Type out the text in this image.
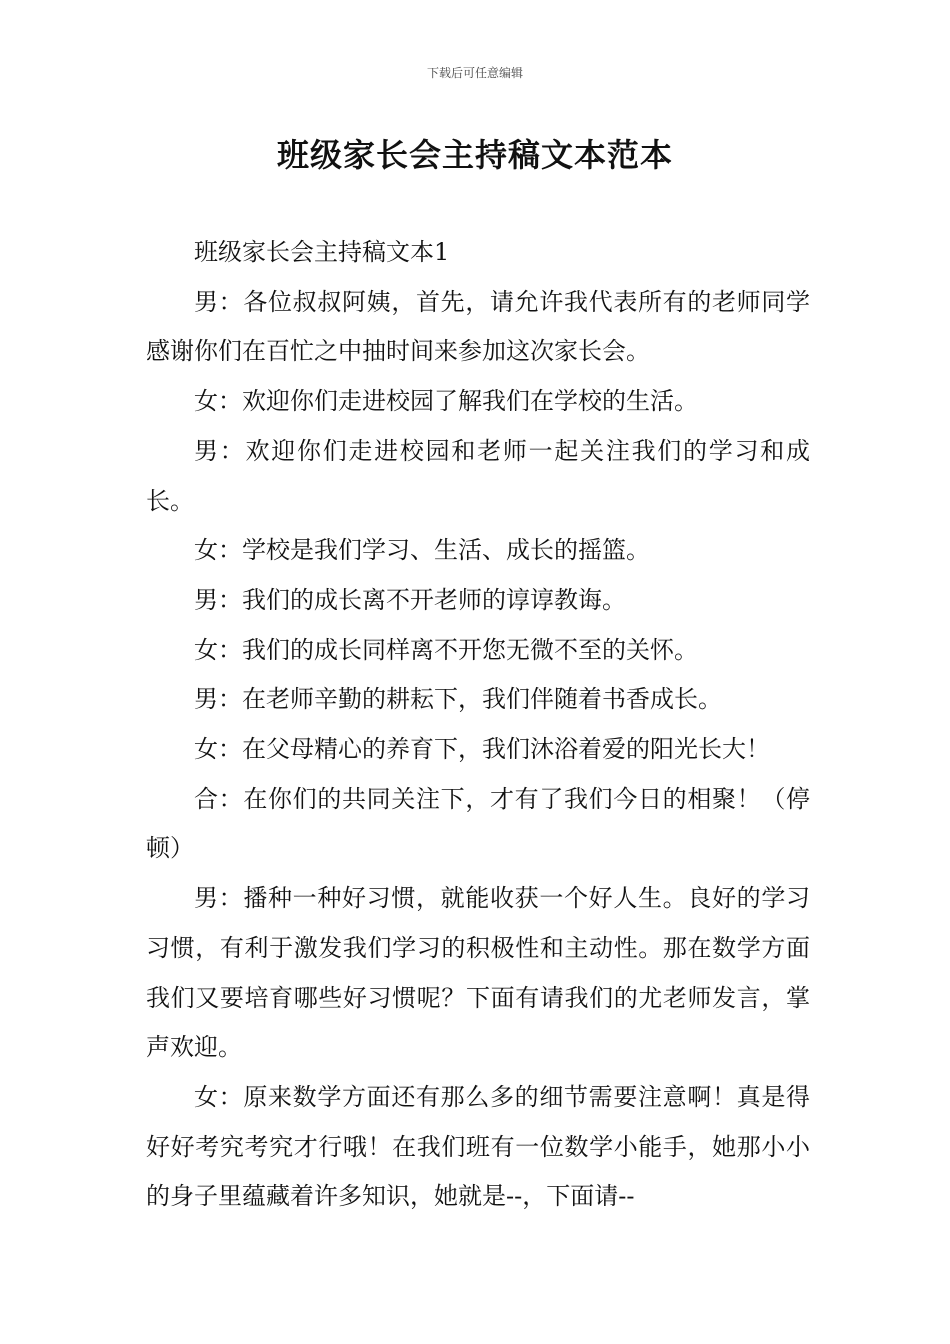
下载后可任意编辑
班级家长会主持稿文本范本

班级家长会主持稿文本1

男：各位叔叔阿姨，首先，请允许我代表所有的老师同学感谢你们在百忙之中抽时间来参加这次家长会。

女：欢迎你们走进校园了解我们在学校的生活。

男：欢迎你们走进校园和老师一起关注我们的学习和成长。

女：学校是我们学习、生活、成长的摇篮。

男：我们的成长离不开老师的谆谆教诲。

女：我们的成长同样离不开您无微不至的关怀。

男：在老师辛勤的耕耘下，我们伴随着书香成长。

女：在父母精心的养育下，我们沐浴着爱的阳光长大！

合：在你们的共同关注下，才有了我们今日的相聚！（停顿）

男：播种一种好习惯，就能收获一个好人生。良好的学习习惯，有利于激发我们学习的积极性和主动性。那在数学方面我们又要培育哪些好习惯呢？下面有请我们的尤老师发言，掌声欢迎。

女：原来数学方面还有那么多的细节需要注意啊！真是得好好考究考究才行哦！在我们班有一位数学小能手，她那小小的身子里蕴藏着许多知识，她就是--，下面请--
